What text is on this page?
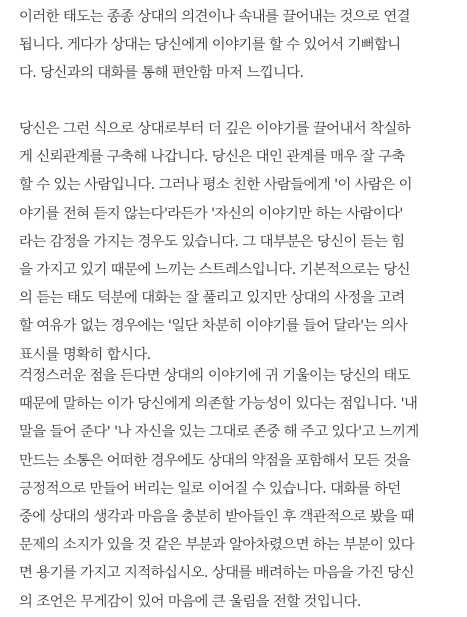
이러한 태도는 종종 상대의 의견이나 속내를 끌어내는 것으로 연결
됩니다. 게다가 상대는 당신에게 이야기를 할 수 있어서 기뻐합니
다. 당신과의 대화를 통해 편안함 마저 느낍니다.
당신은 그런 식으로 상대로부터 더 깊은 이야기를 끌어내서 착실하
게 신뢰관계를 구축해 나갑니다. 당신은 대인 관계를 매우 잘 구축
할 수 있는 사람입니다. 그러나 평소 친한 사람들에게 '이 사람은 이
야기를 전혀 듣지 않는다'라든가 '자신의 이야기만 하는 사람이다'
라는 감정을 가지는 경우도 있습니다. 그 대부분은 당신이 듣는 힘
을 가지고 있기 때문에 느끼는 스트레스입니다. 기본적으로는 당신
의 듣는 태도 덕분에 대화는 잘 풀리고 있지만 상대의 사정을 고려
할 여유가 없는 경우에는 '일단 차분히 이야기를 들어 달라'는 의사
표시를 명확히 합시다.
걱정스러운 점을 든다면 상대의 이야기에 귀 기울이는 당신의 태도
때문에 말하는 이가 당신에게 의존할 가능성이 있다는 점입니다. '내
말을 들어 준다' '나 자신을 있는 그대로 존중 해 주고 있다'고 느끼게
만드는 소통은 어떠한 경우에도 상대의 약점을 포함해서 모든 것을
긍정적으로 만들어 버리는 일로 이어질 수 있습니다. 대화를 하던
중에 상대의 생각과 마음을 충분히 받아들인 후 객관적으로 봤을 때
문제의 소지가 있을 것 같은 부분과 알아차렸으면 하는 부분이 있다
면 용기를 가지고 지적하십시오. 상대를 배려하는 마음을 가진 당신
의 조언은 무게감이 있어 마음에 큰 울림을 전할 것입니다.
